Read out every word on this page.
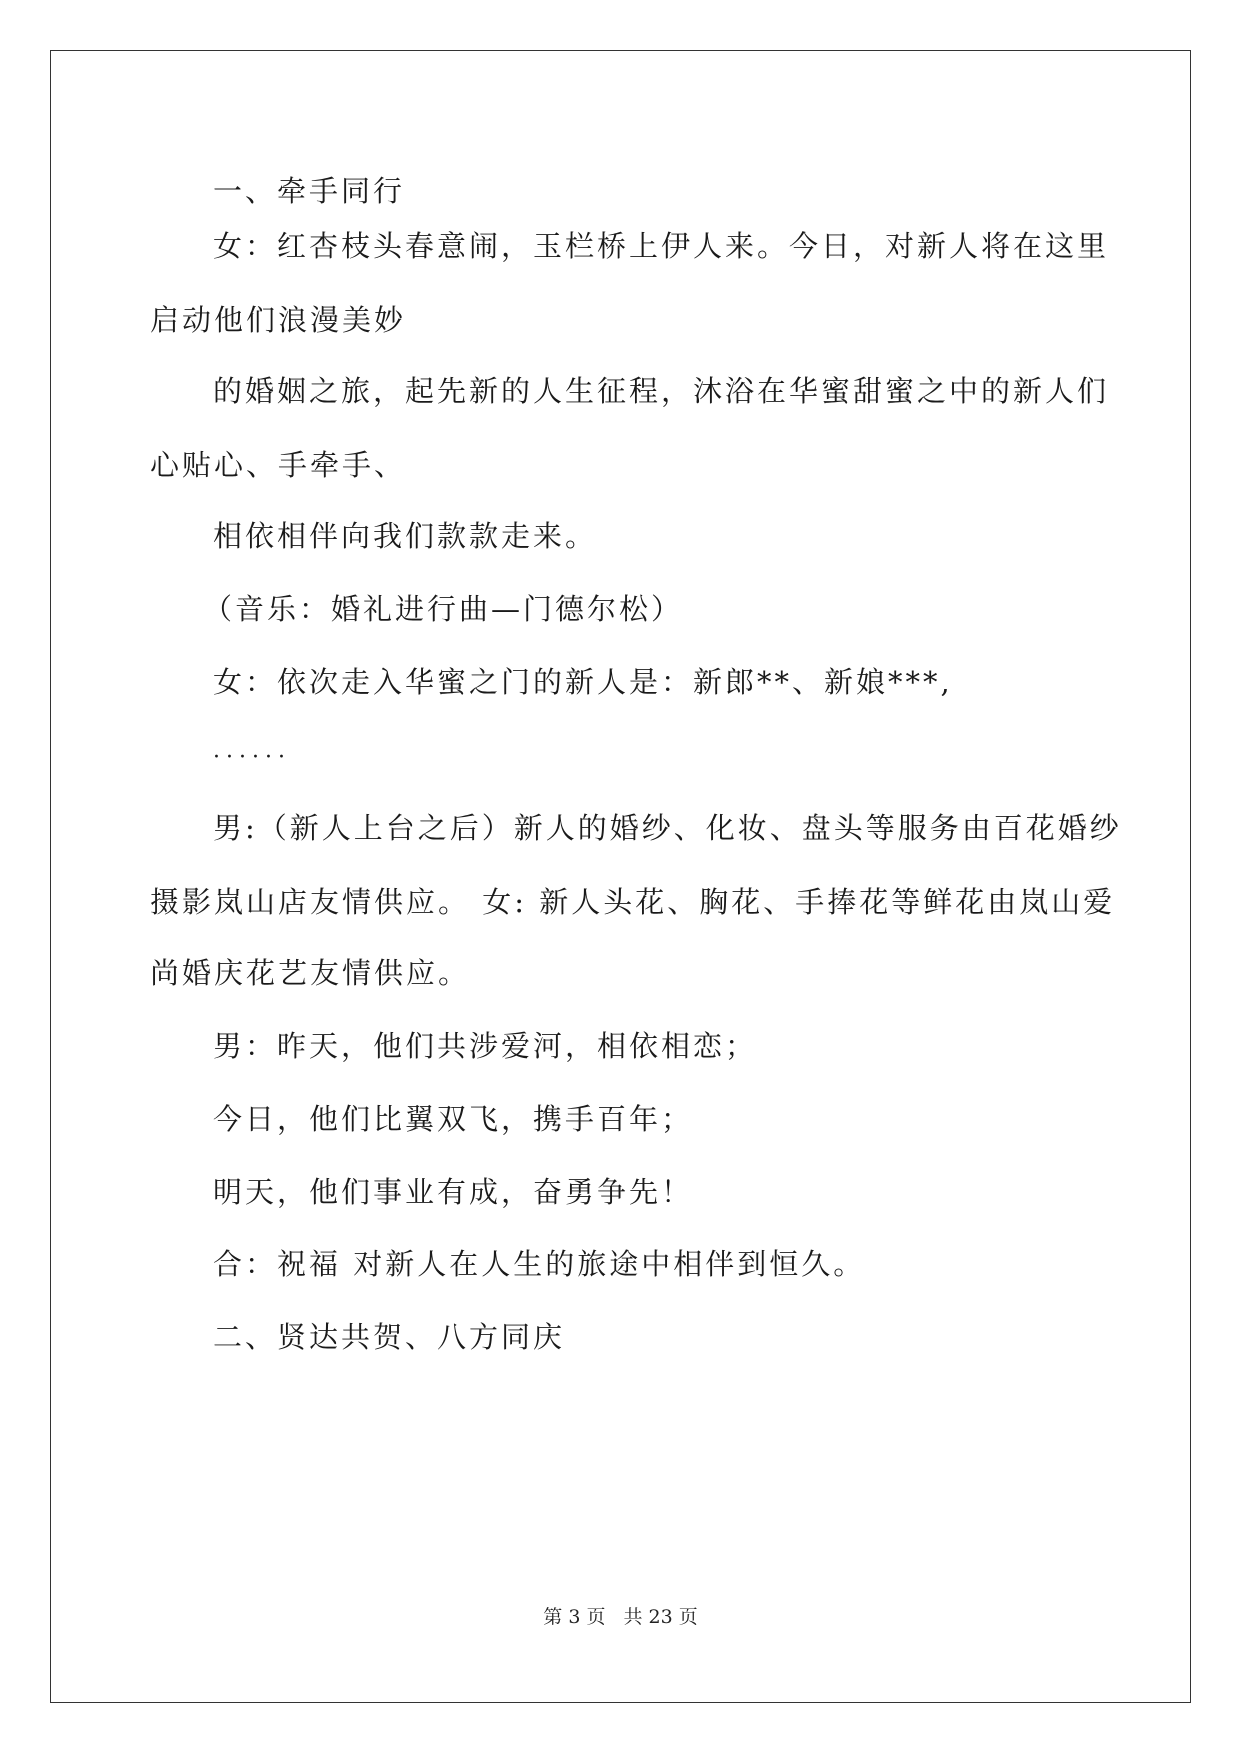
一、牵手同行
女：红杏枝头春意闹，玉栏桥上伊人来。今日，对新人将在这里
启动他们浪漫美妙
的婚姻之旅，起先新的人生征程，沐浴在华蜜甜蜜之中的新人们
心贴心、手牵手、
相依相伴向我们款款走来。
（音乐：婚礼进行曲—门德尔松）
女：依次走入华蜜之门的新人是：新郎**、新娘***,
······
男:（新人上台之后）新人的婚纱、化妆、盘头等服务由百花婚纱
摄影岚山店友情供应。 女: 新人头花、胸花、手捧花等鲜花由岚山爱
尚婚庆花艺友情供应。
男：昨天，他们共涉爱河，相依相恋；
今日，他们比翼双飞，携手百年；
明天，他们事业有成，奋勇争先！
合：祝福 对新人在人生的旅途中相伴到恒久。
二、贤达共贺、八方同庆
第 3 页 共 23 页
